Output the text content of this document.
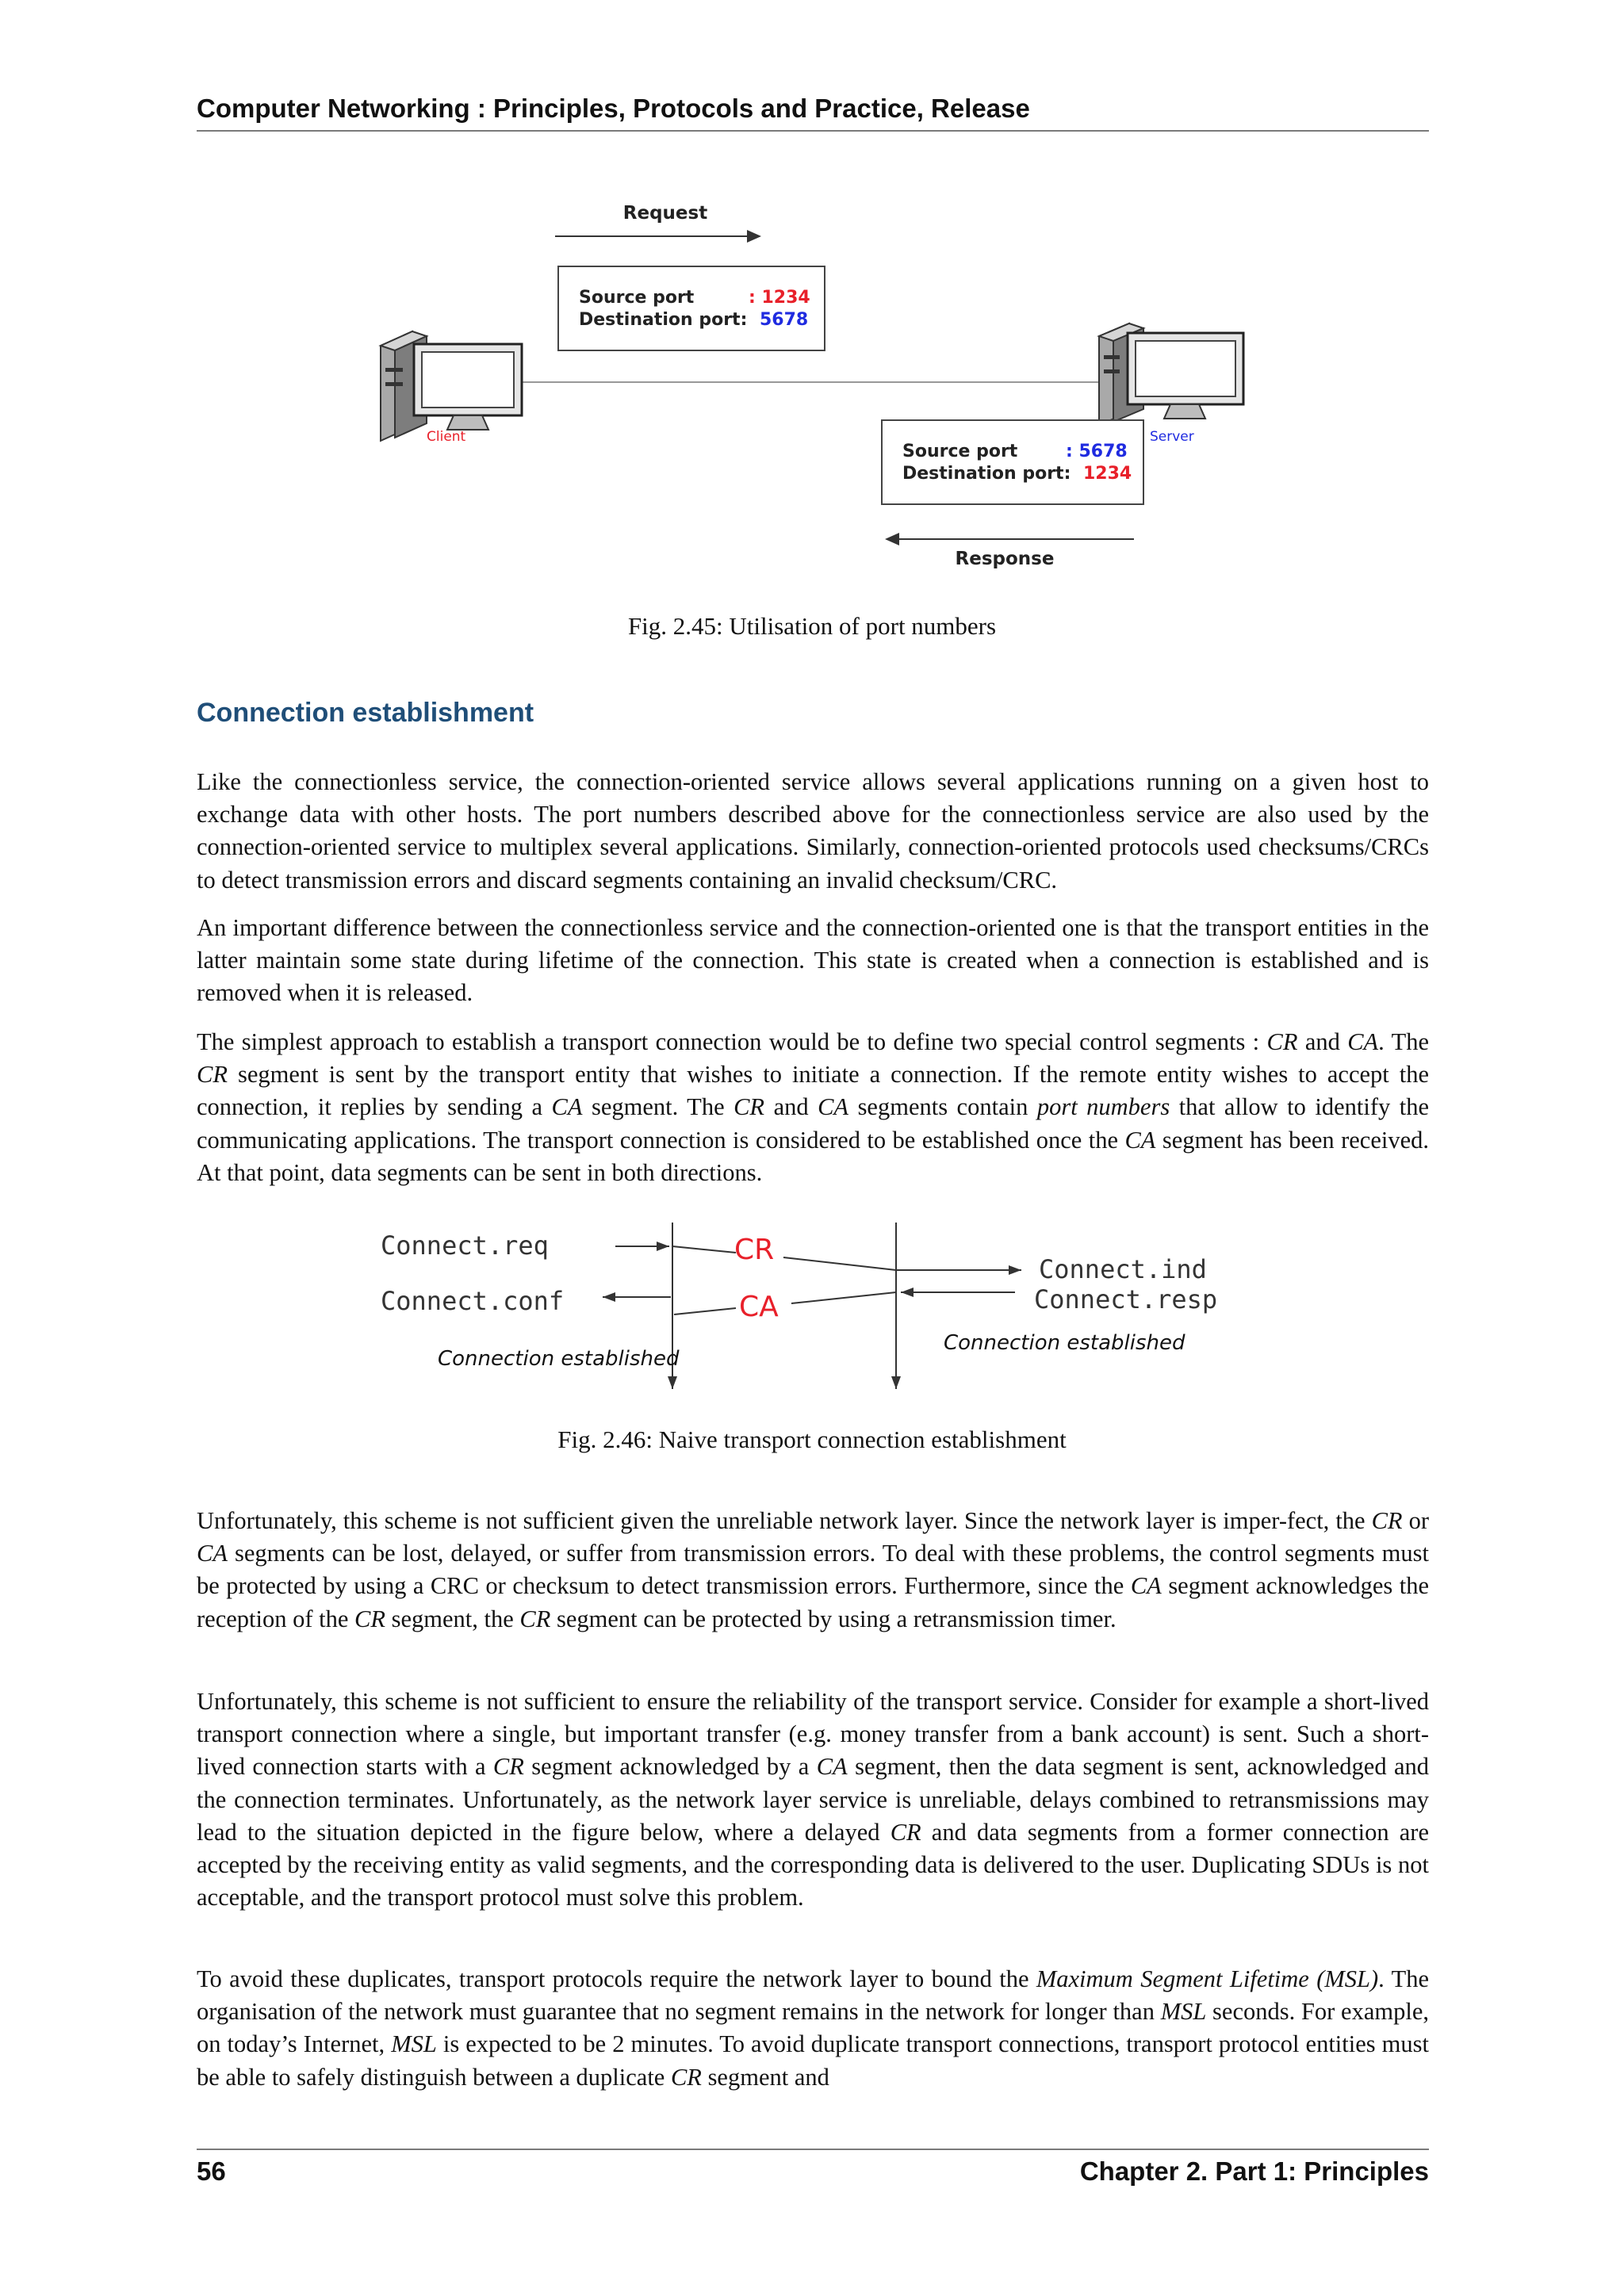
Computer Networking : Principles, Protocols and Practice, Release
Request
Source port	: 1234 Destination port: 5678
Client	Server
Source port	: 5678 Destination port: 1234
Response
Fig. 2.45: Utilisation of port numbers
Connection establishment

Like the connectionless service, the connection-oriented service allows several applications running on a given host to exchange data with other hosts. The port numbers described above for the connectionless service are also used by the connection-oriented service to multiplex several applications. Similarly, connection-oriented protocols used checksums/CRCs to detect transmission errors and discard segments containing an invalid checksum/CRC.

An important difference between the connectionless service and the connection-oriented one is that the transport entities in the latter maintain some state during lifetime of the connection. This state is created when a connection is established and is removed when it is released.

The simplest approach to establish a transport connection would be to define two special control segments : CR and CA. The CR segment is sent by the transport entity that wishes to initiate a connection. If the remote entity wishes to accept the connection, it replies by sending a CA segment. The CR and CA segments contain port numbers that allow to identify the communicating applications. The transport connection is considered to be established once the CA segment has been received. At that point, data segments can be sent in both directions.

Connect.req
Connect.conf
CR
CA
Connect.ind
Connect.resp
Connection established
Connection established
Fig. 2.46: Naive transport connection establishment

Unfortunately, this scheme is not sufficient given the unreliable network layer. Since the network layer is imper-fect, the CR or CA segments can be lost, delayed, or suffer from transmission errors. To deal with these problems, the control segments must be protected by using a CRC or checksum to detect transmission errors. Furthermore, since the CA segment acknowledges the reception of the CR segment, the CR segment can be protected by using a retransmission timer.

Unfortunately, this scheme is not sufficient to ensure the reliability of the transport service. Consider for example a short-lived transport connection where a single, but important transfer (e.g. money transfer from a bank account) is sent. Such a short-lived connection starts with a CR segment acknowledged by a CA segment, then the data segment is sent, acknowledged and the connection terminates. Unfortunately, as the network layer service is unreliable, delays combined to retransmissions may lead to the situation depicted in the figure below, where a delayed CR and data segments from a former connection are accepted by the receiving entity as valid segments, and the corresponding data is delivered to the user. Duplicating SDUs is not acceptable, and the transport protocol must solve this problem.

To avoid these duplicates, transport protocols require the network layer to bound the Maximum Segment Lifetime (MSL). The organisation of the network must guarantee that no segment remains in the network for longer than MSL seconds. For example, on today’s Internet, MSL is expected to be 2 minutes. To avoid duplicate transport connections, transport protocol entities must be able to safely distinguish between a duplicate CR segment and

56	Chapter 2. Part 1: Principles
